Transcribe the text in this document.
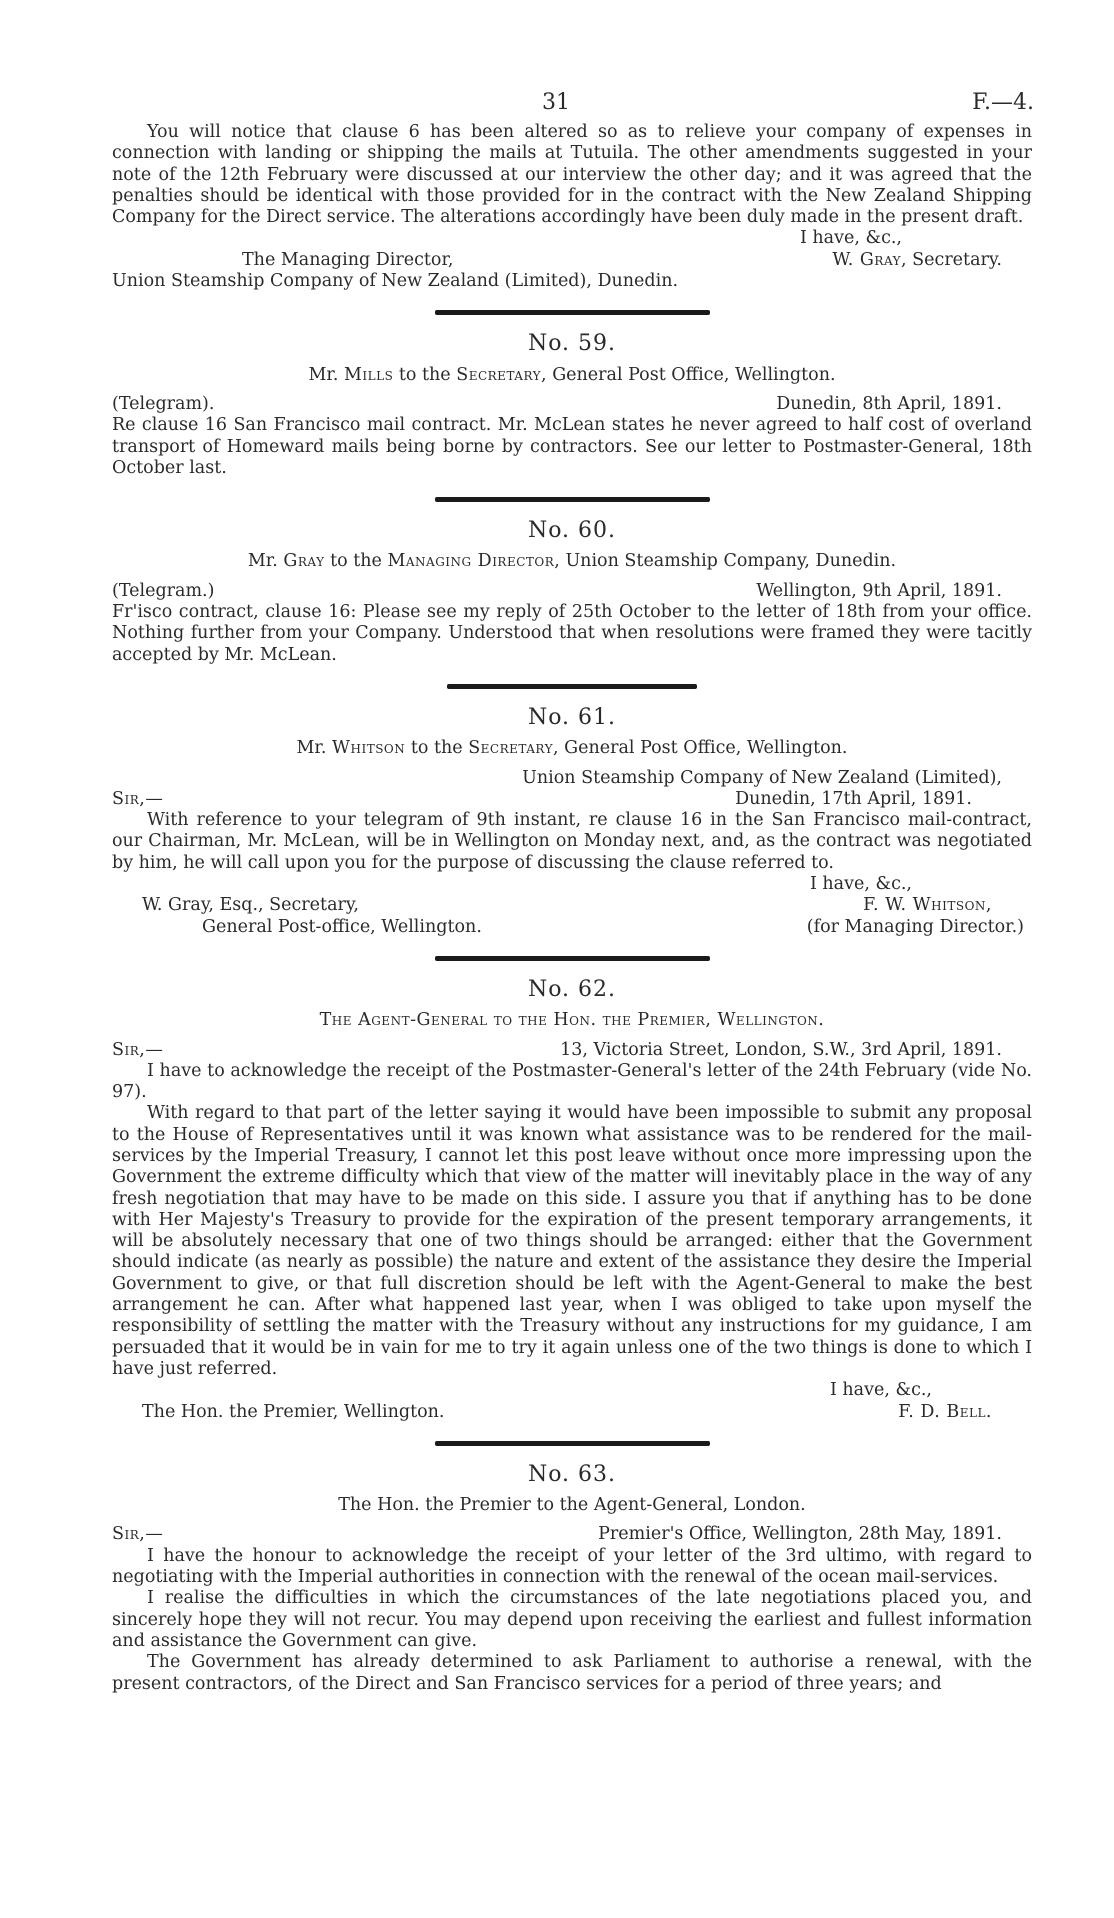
31	F.—4.

You will notice that clause 6 has been altered so as to relieve your company of expenses in connection with landing or shipping the mails at Tutuila. The other amendments suggested in your note of the 12th February were discussed at our interview the other day; and it was agreed that the penalties should be identical with those provided for in the contract with the New Zealand Shipping Company for the Direct service. The alterations accordingly have been duly made in the present draft.

I have, &c.,
The Managing Director,	W. Gray, Secretary.
Union Steamship Company of New Zealand (Limited), Dunedin.
No. 59.
Mr. Mills to the Secretary, General Post Office, Wellington.
(Telegram).	Dunedin, 8th April, 1891.

Re clause 16 San Francisco mail contract. Mr. McLean states he never agreed to half cost of overland transport of Homeward mails being borne by contractors. See our letter to Postmaster-General, 18th October last.

No. 60.
Mr. Gray to the Managing Director, Union Steamship Company, Dunedin.
(Telegram.)	Wellington, 9th April, 1891.

Fr'isco contract, clause 16: Please see my reply of 25th October to the letter of 18th from your office. Nothing further from your Company. Understood that when resolutions were framed they were tacitly accepted by Mr. McLean.

No. 61.
Mr. Whitson to the Secretary, General Post Office, Wellington.
Union Steamship Company of New Zealand (Limited),
Sir,—	Dunedin, 17th April, 1891.

With reference to your telegram of 9th instant, re clause 16 in the San Francisco mail-contract, our Chairman, Mr. McLean, will be in Wellington on Monday next, and, as the contract was negotiated by him, he will call upon you for the purpose of discussing the clause referred to.

I have, &c.,
W. Gray, Esq., Secretary,	F. W. Whitson,
General Post-office, Wellington.	(for Managing Director.)
No. 62.
The Agent-General to the Hon. the Premier, Wellington.
Sir,—	13, Victoria Street, London, S.W., 3rd April, 1891.

I have to acknowledge the receipt of the Postmaster-General's letter of the 24th February (vide No. 97).

With regard to that part of the letter saying it would have been impossible to submit any proposal to the House of Representatives until it was known what assistance was to be rendered for the mail-services by the Imperial Treasury, I cannot let this post leave without once more impressing upon the Government the extreme difficulty which that view of the matter will inevitably place in the way of any fresh negotiation that may have to be made on this side. I assure you that if anything has to be done with Her Majesty's Treasury to provide for the expiration of the present temporary arrangements, it will be absolutely necessary that one of two things should be arranged: either that the Government should indicate (as nearly as possible) the nature and extent of the assistance they desire the Imperial Government to give, or that full discretion should be left with the Agent-General to make the best arrangement he can. After what happened last year, when I was obliged to take upon myself the responsibility of settling the matter with the Treasury without any instructions for my guidance, I am persuaded that it would be in vain for me to try it again unless one of the two things is done to which I have just referred.

I have, &c.,
The Hon. the Premier, Wellington.	F. D. Bell.
No. 63.
The Hon. the Premier to the Agent-General, London.
Sir,—	Premier's Office, Wellington, 28th May, 1891.

I have the honour to acknowledge the receipt of your letter of the 3rd ultimo, with regard to negotiating with the Imperial authorities in connection with the renewal of the ocean mail-services.

I realise the difficulties in which the circumstances of the late negotiations placed you, and sincerely hope they will not recur. You may depend upon receiving the earliest and fullest information and assistance the Government can give.

The Government has already determined to ask Parliament to authorise a renewal, with the present contractors, of the Direct and San Francisco services for a period of three years; and
